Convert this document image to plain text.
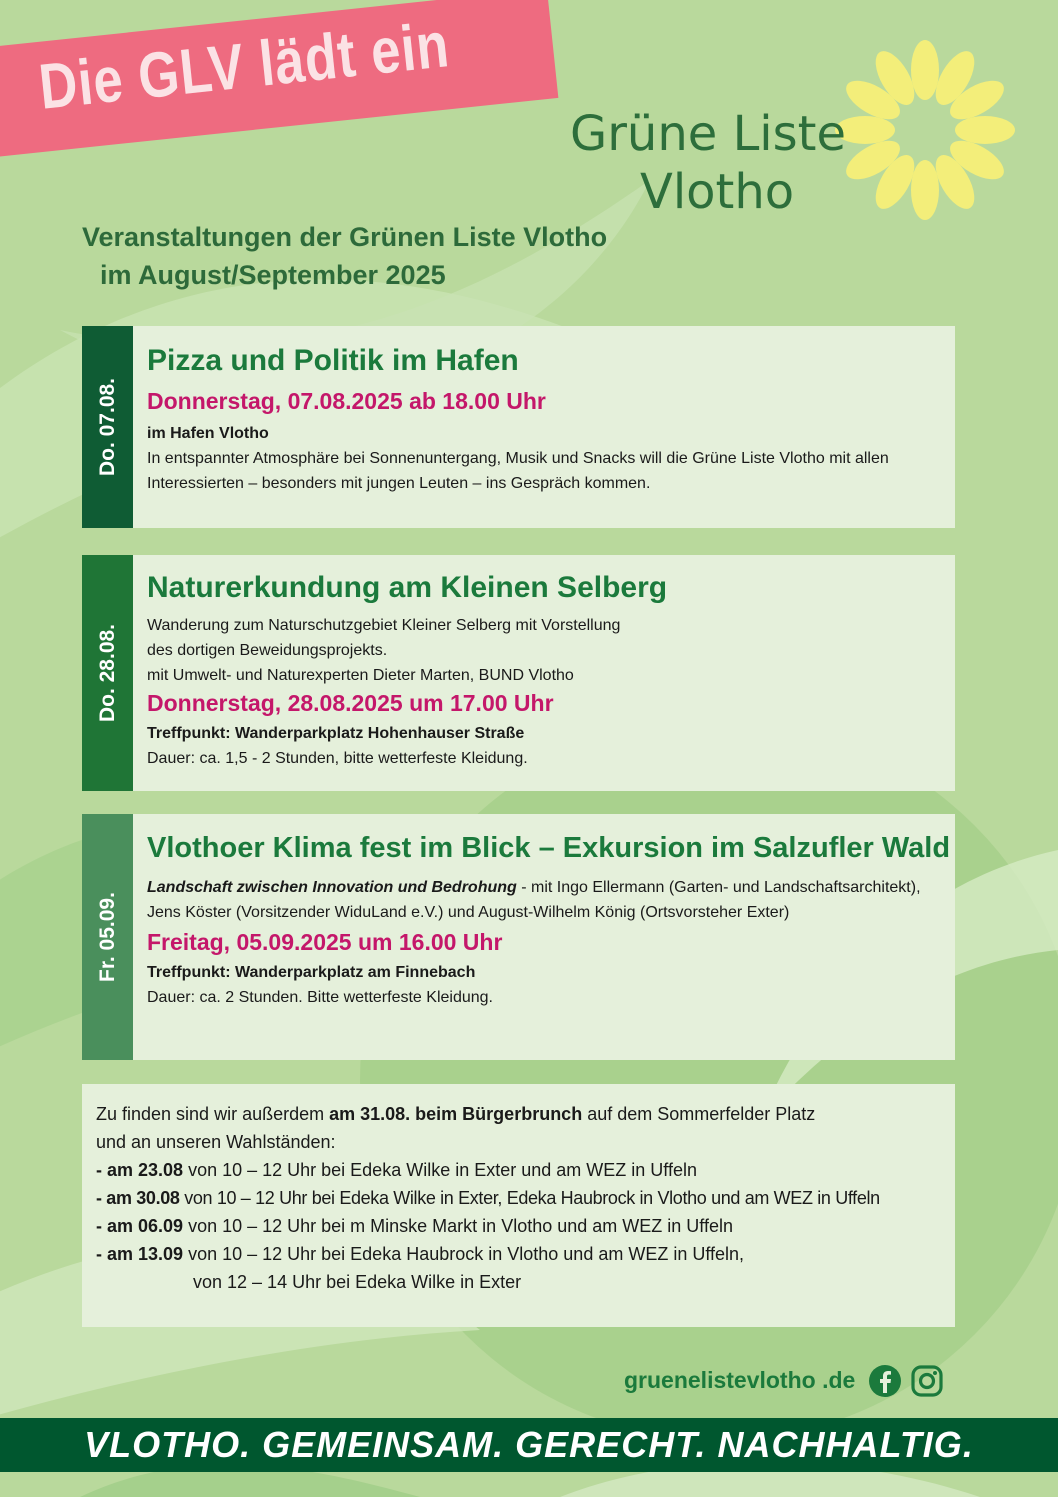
Die GLV lädt ein
Grüne Liste
Vlotho
Veranstaltungen der Grünen Liste Vlotho
im August/September 2025
Do. 07.08.
Pizza und Politik im Hafen
Donnerstag, 07.08.2025 ab 18.00 Uhr
im Hafen Vlotho
In entspannter Atmosphäre bei Sonnenuntergang, Musik und Snacks will die Grüne Liste Vlotho mit allen Interessierten – besonders mit jungen Leuten – ins Gespräch kommen.
Do. 28.08.
Naturerkundung am Kleinen Selberg
Wanderung zum Naturschutzgebiet Kleiner Selberg mit Vorstellung
des dortigen Beweidungsprojekts.
mit Umwelt- und Naturexperten Dieter Marten, BUND Vlotho
Donnerstag, 28.08.2025 um 17.00 Uhr
Treffpunkt: Wanderparkplatz Hohenhauser Straße
Dauer: ca. 1,5 - 2 Stunden, bitte wetterfeste Kleidung.
Fr. 05.09.
Vlothoer Klima fest im Blick – Exkursion im Salzufler Wald
Landschaft zwischen Innovation und Bedrohung - mit Ingo Ellermann (Garten- und Landschaftsarchitekt), Jens Köster (Vorsitzender WiduLand e.V.) und August-Wilhelm König (Ortsvorsteher Exter)
Freitag, 05.09.2025 um 16.00 Uhr
Treffpunkt: Wanderparkplatz am Finnebach
Dauer: ca. 2 Stunden. Bitte wetterfeste Kleidung.
Zu finden sind wir außerdem am 31.08. beim Bürgerbrunch auf dem Sommerfelder Platz
und an unseren Wahlständen:
- am 23.08 von 10 – 12 Uhr bei Edeka Wilke in Exter und am WEZ in Uffeln
- am 30.08 von 10 – 12 Uhr bei Edeka Wilke in Exter, Edeka Haubrock in Vlotho und am WEZ in Uffeln
- am 06.09 von 10 – 12 Uhr bei m Minske Markt in Vlotho und am WEZ in Uffeln
- am 13.09 von 10 – 12 Uhr bei Edeka Haubrock in Vlotho und am WEZ in Uffeln,
von 12 – 14 Uhr bei Edeka Wilke in Exter
gruenelistevlotho .de
VLOTHO. GEMEINSAM. GERECHT. NACHHALTIG.
